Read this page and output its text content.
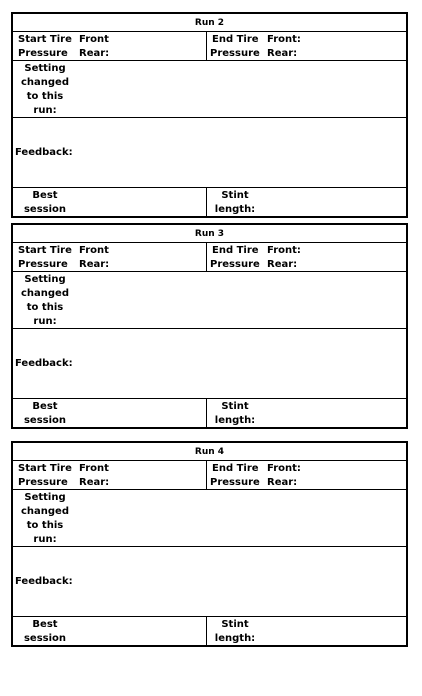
Run 2
Start Tire
Pressure
Front
Rear:
End Tire
Pressure
Front:
Rear:
Setting
changed
to this
run:
Feedback:
Best
session
Stint
length:
Run 3
Start Tire
Pressure
Front
Rear:
End Tire
Pressure
Front:
Rear:
Setting
changed
to this
run:
Feedback:
Best
session
Stint
length:
Run 4
Start Tire
Pressure
Front
Rear:
End Tire
Pressure
Front:
Rear:
Setting
changed
to this
run:
Feedback:
Best
session
Stint
length:
